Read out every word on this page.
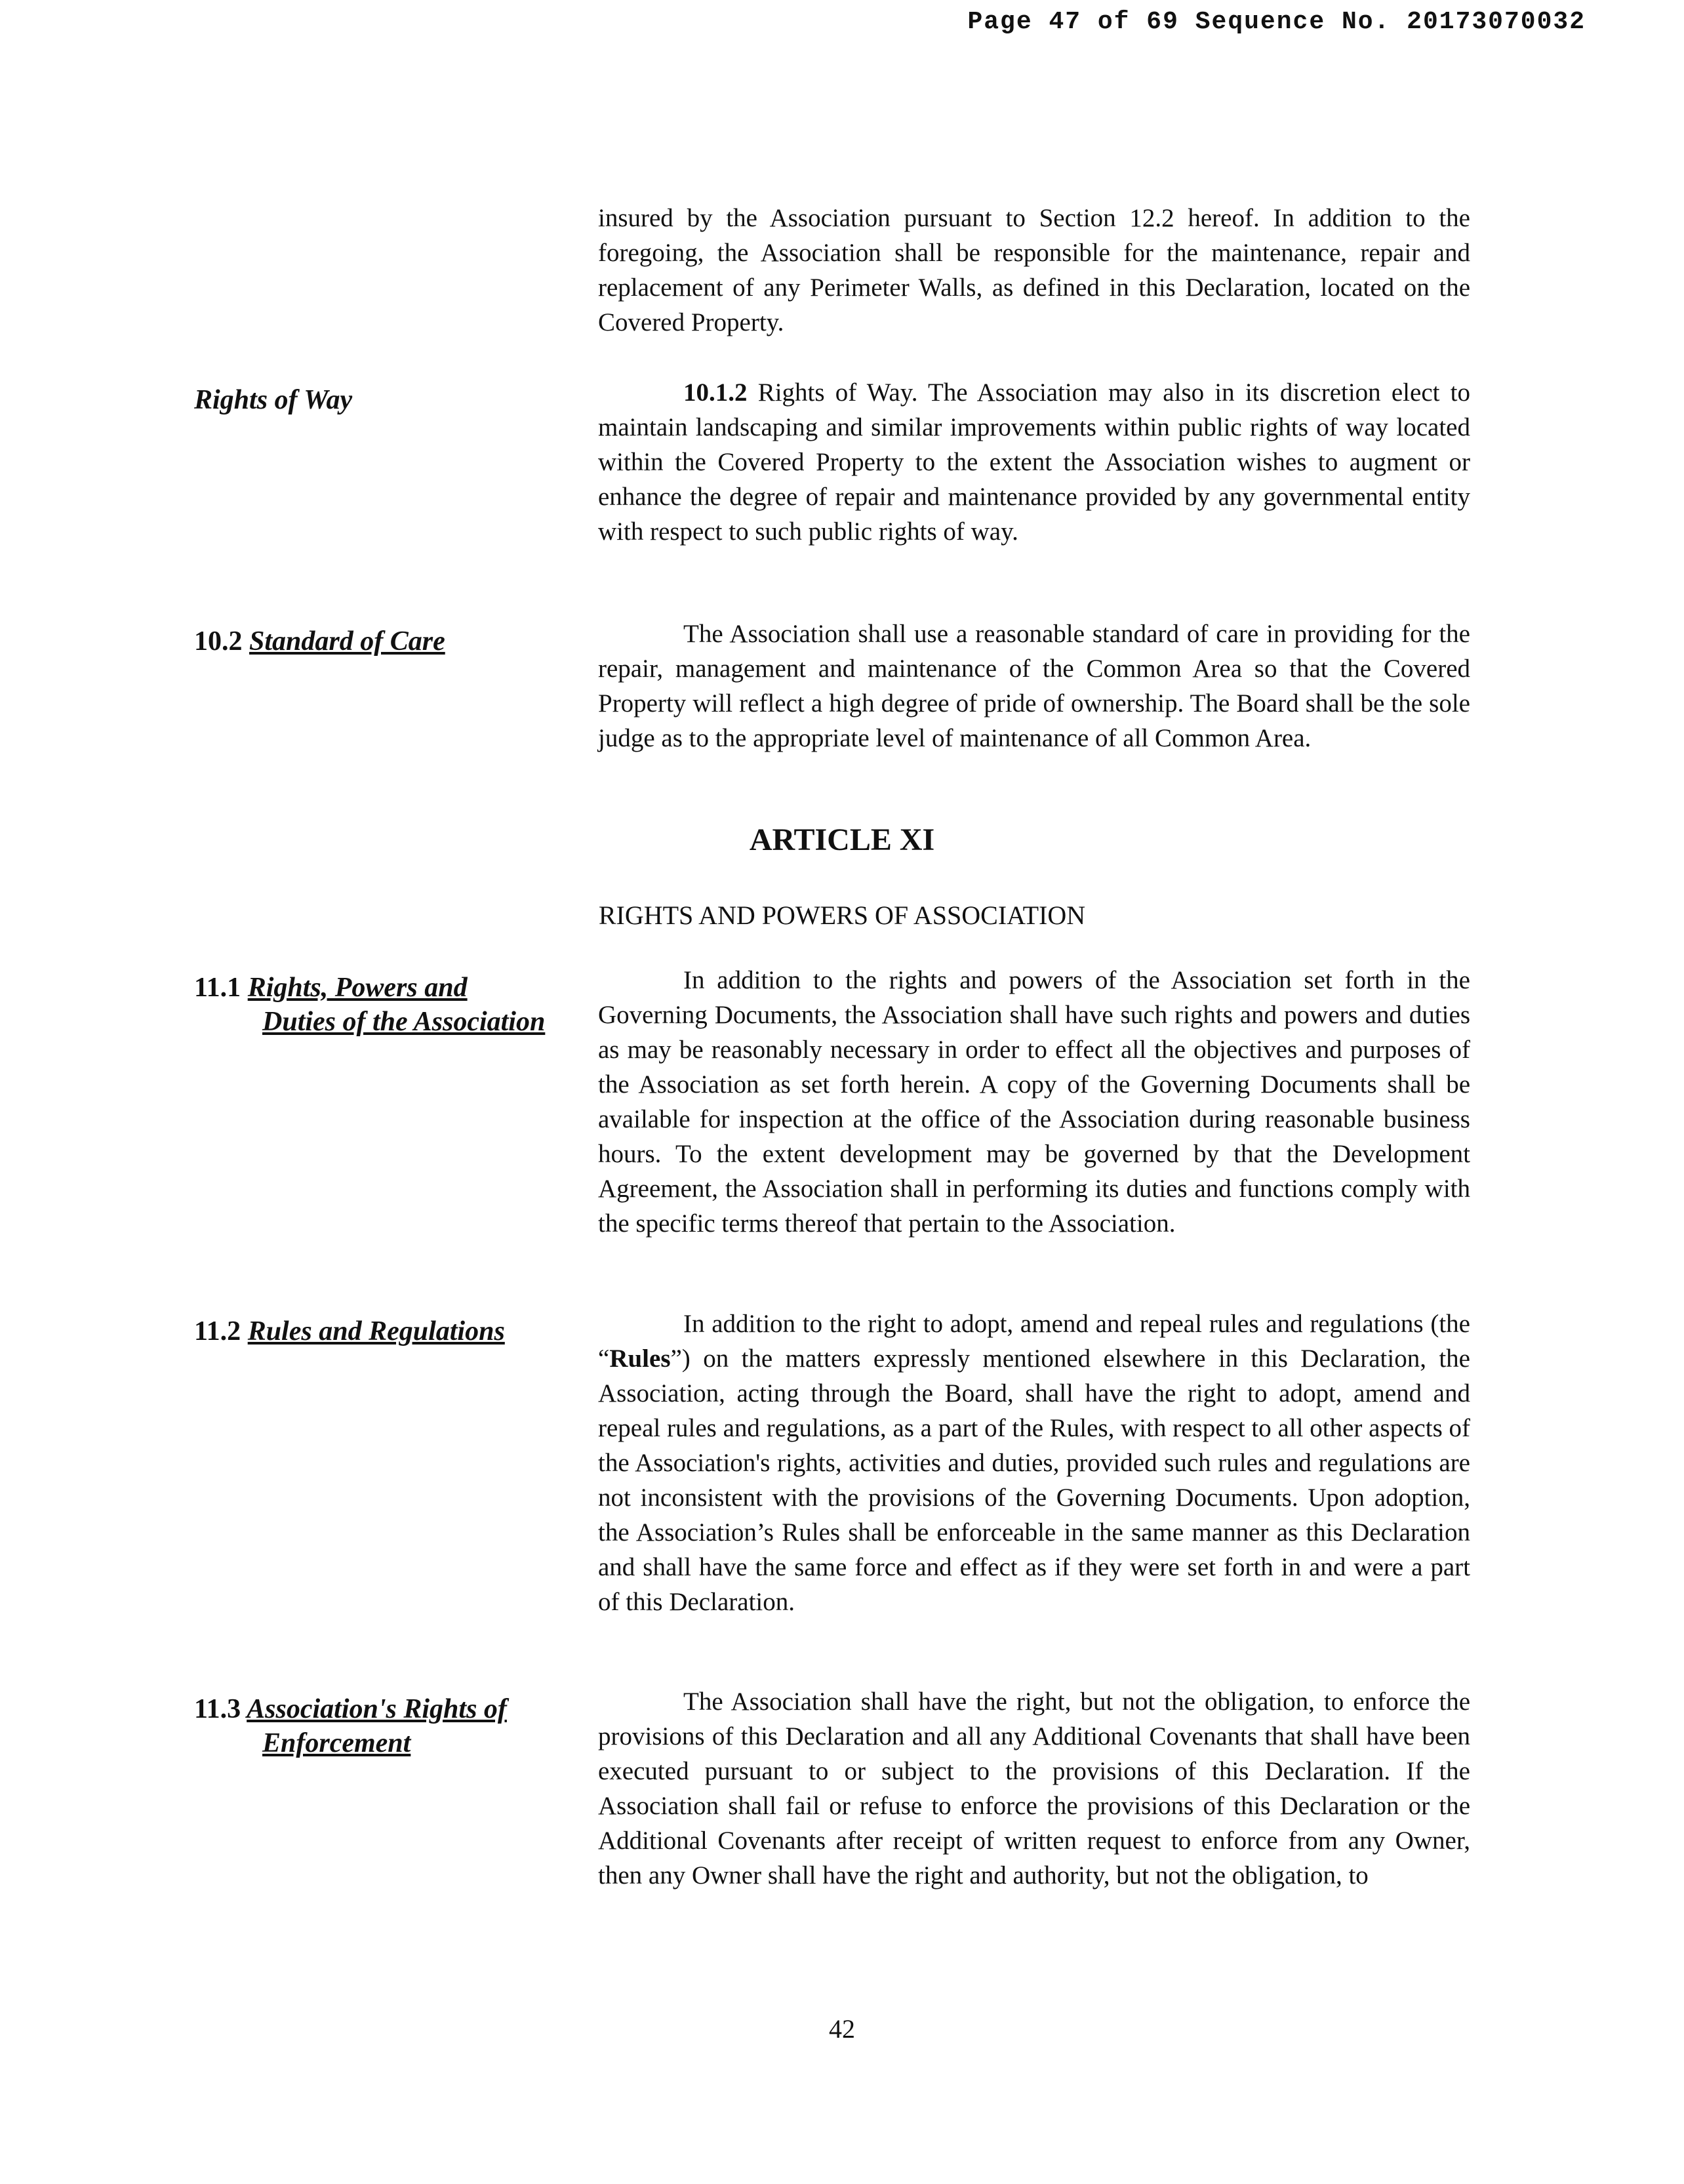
Page 47 of 69 Sequence No. 20173070032
insured by the Association pursuant to Section 12.2 hereof. In addition to the foregoing, the Association shall be responsible for the maintenance, repair and replacement of any Perimeter Walls, as defined in this Declaration, located on the Covered Property.
Rights of Way	10.1.2 Rights of Way. The Association may also in its discretion elect to maintain landscaping and similar improvements within public rights of way located within the Covered Property to the extent the Association wishes to augment or enhance the degree of repair and maintenance provided by any governmental entity with respect to such public rights of way.
10.2 Standard of Care	The Association shall use a reasonable standard of care in providing for the repair, management and maintenance of the Common Area so that the Covered Property will reflect a high degree of pride of ownership. The Board shall be the sole judge as to the appropriate level of maintenance of all Common Area.
ARTICLE XI
RIGHTS AND POWERS OF ASSOCIATION
11.1 Rights, Powers and
Duties of the Association
In addition to the rights and powers of the Association set forth in the Governing Documents, the Association shall have such rights and powers and duties as may be reasonably necessary in order to effect all the objectives and purposes of the Association as set forth herein. A copy of the Governing Documents shall be available for inspection at the office of the Association during reasonable business hours. To the extent development may be governed by that the Development Agreement, the Association shall in performing its duties and functions comply with the specific terms thereof that pertain to the Association.
11.2 Rules and Regulations	In addition to the right to adopt, amend and repeal rules and regulations (the “Rules”) on the matters expressly mentioned elsewhere in this Declaration, the Association, acting through the Board, shall have the right to adopt, amend and repeal rules and regulations, as a part of the Rules, with respect to all other aspects of the Association's rights, activities and duties, provided such rules and regulations are not inconsistent with the provisions of the Governing Documents. Upon adoption, the Association’s Rules shall be enforceable in the same manner as this Declaration and shall have the same force and effect as if they were set forth in and were a part of this Declaration.
11.3 Association's Rights of
Enforcement
The Association shall have the right, but not the obligation, to enforce the provisions of this Declaration and all any Additional Covenants that shall have been executed pursuant to or subject to the provisions of this Declaration. If the Association shall fail or refuse to enforce the provisions of this Declaration or the Additional Covenants after receipt of written request to enforce from any Owner, then any Owner shall have the right and authority, but not the obligation, to
42
